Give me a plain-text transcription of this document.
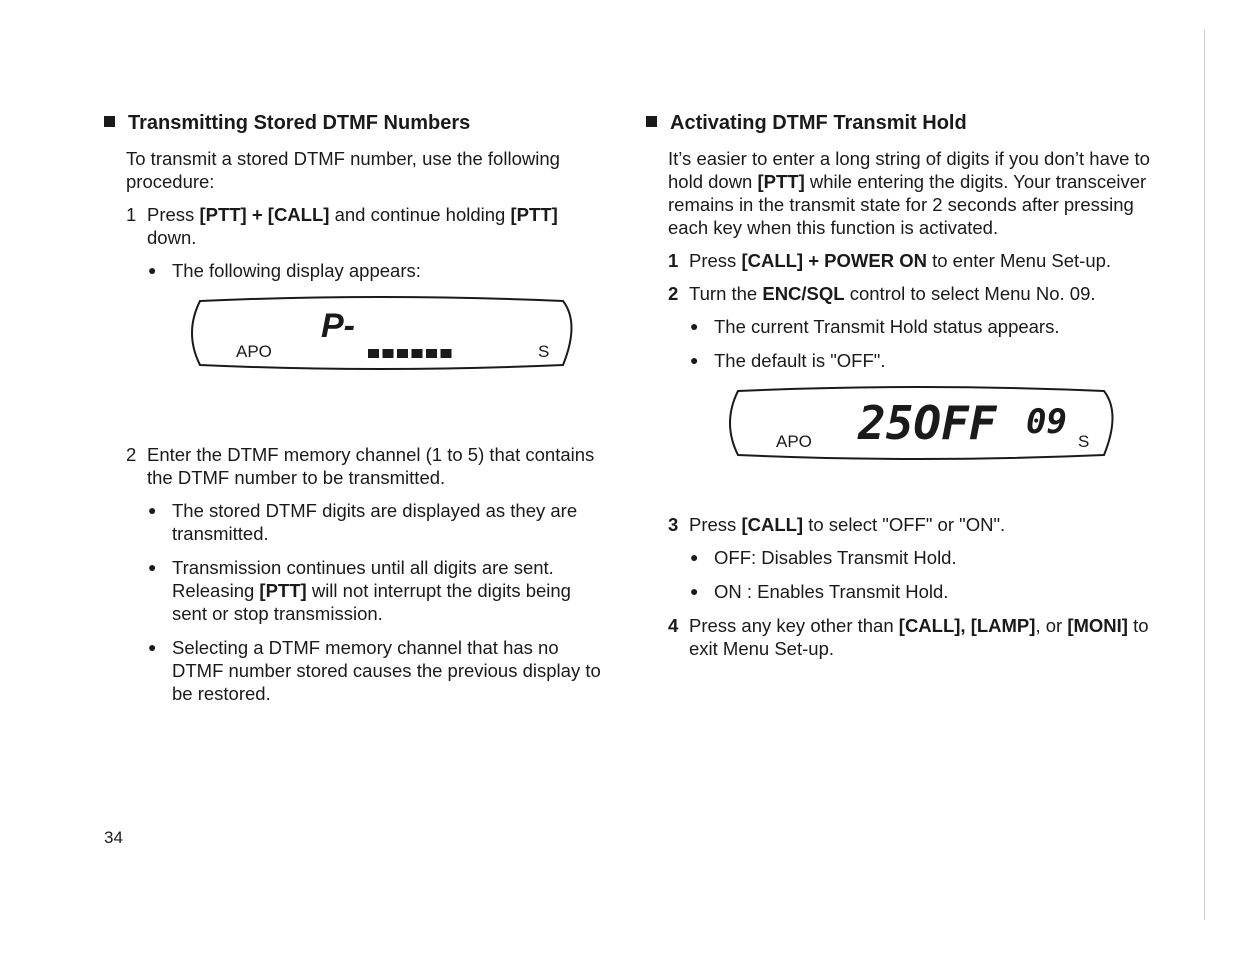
Transmitting Stored DTMF Numbers
To transmit a stored DTMF number, use the following procedure:
1 Press [PTT] + [CALL] and continue holding [PTT] down.
● The following display appears:
APO	S
P-
2 Enter the DTMF memory channel (1 to 5) that contains the DTMF number to be transmitted.
● The stored DTMF digits are displayed as they are transmitted.
● Transmission continues until all digits are sent. Releasing [PTT] will not interrupt the digits being sent or stop transmission.
● Selecting a DTMF memory channel that has no DTMF number stored causes the previous display to be restored.
Activating DTMF Transmit Hold
It’s easier to enter a long string of digits if you don’t have to hold down [PTT] while entering the digits. Your transceiver remains in the transmit state for 2 seconds after pressing each key when this function is activated.
1 Press [CALL] + POWER ON to enter Menu Set-up.
2 Turn the ENC/SQL control to select Menu No. 09.
● The current Transmit Hold status appears.
● The default is "OFF".
APO	S
25OFF 09
3 Press [CALL] to select "OFF" or "ON".
● OFF: Disables Transmit Hold.
● ON : Enables Transmit Hold.
4 Press any key other than [CALL], [LAMP], or [MONI] to exit Menu Set-up.
34
